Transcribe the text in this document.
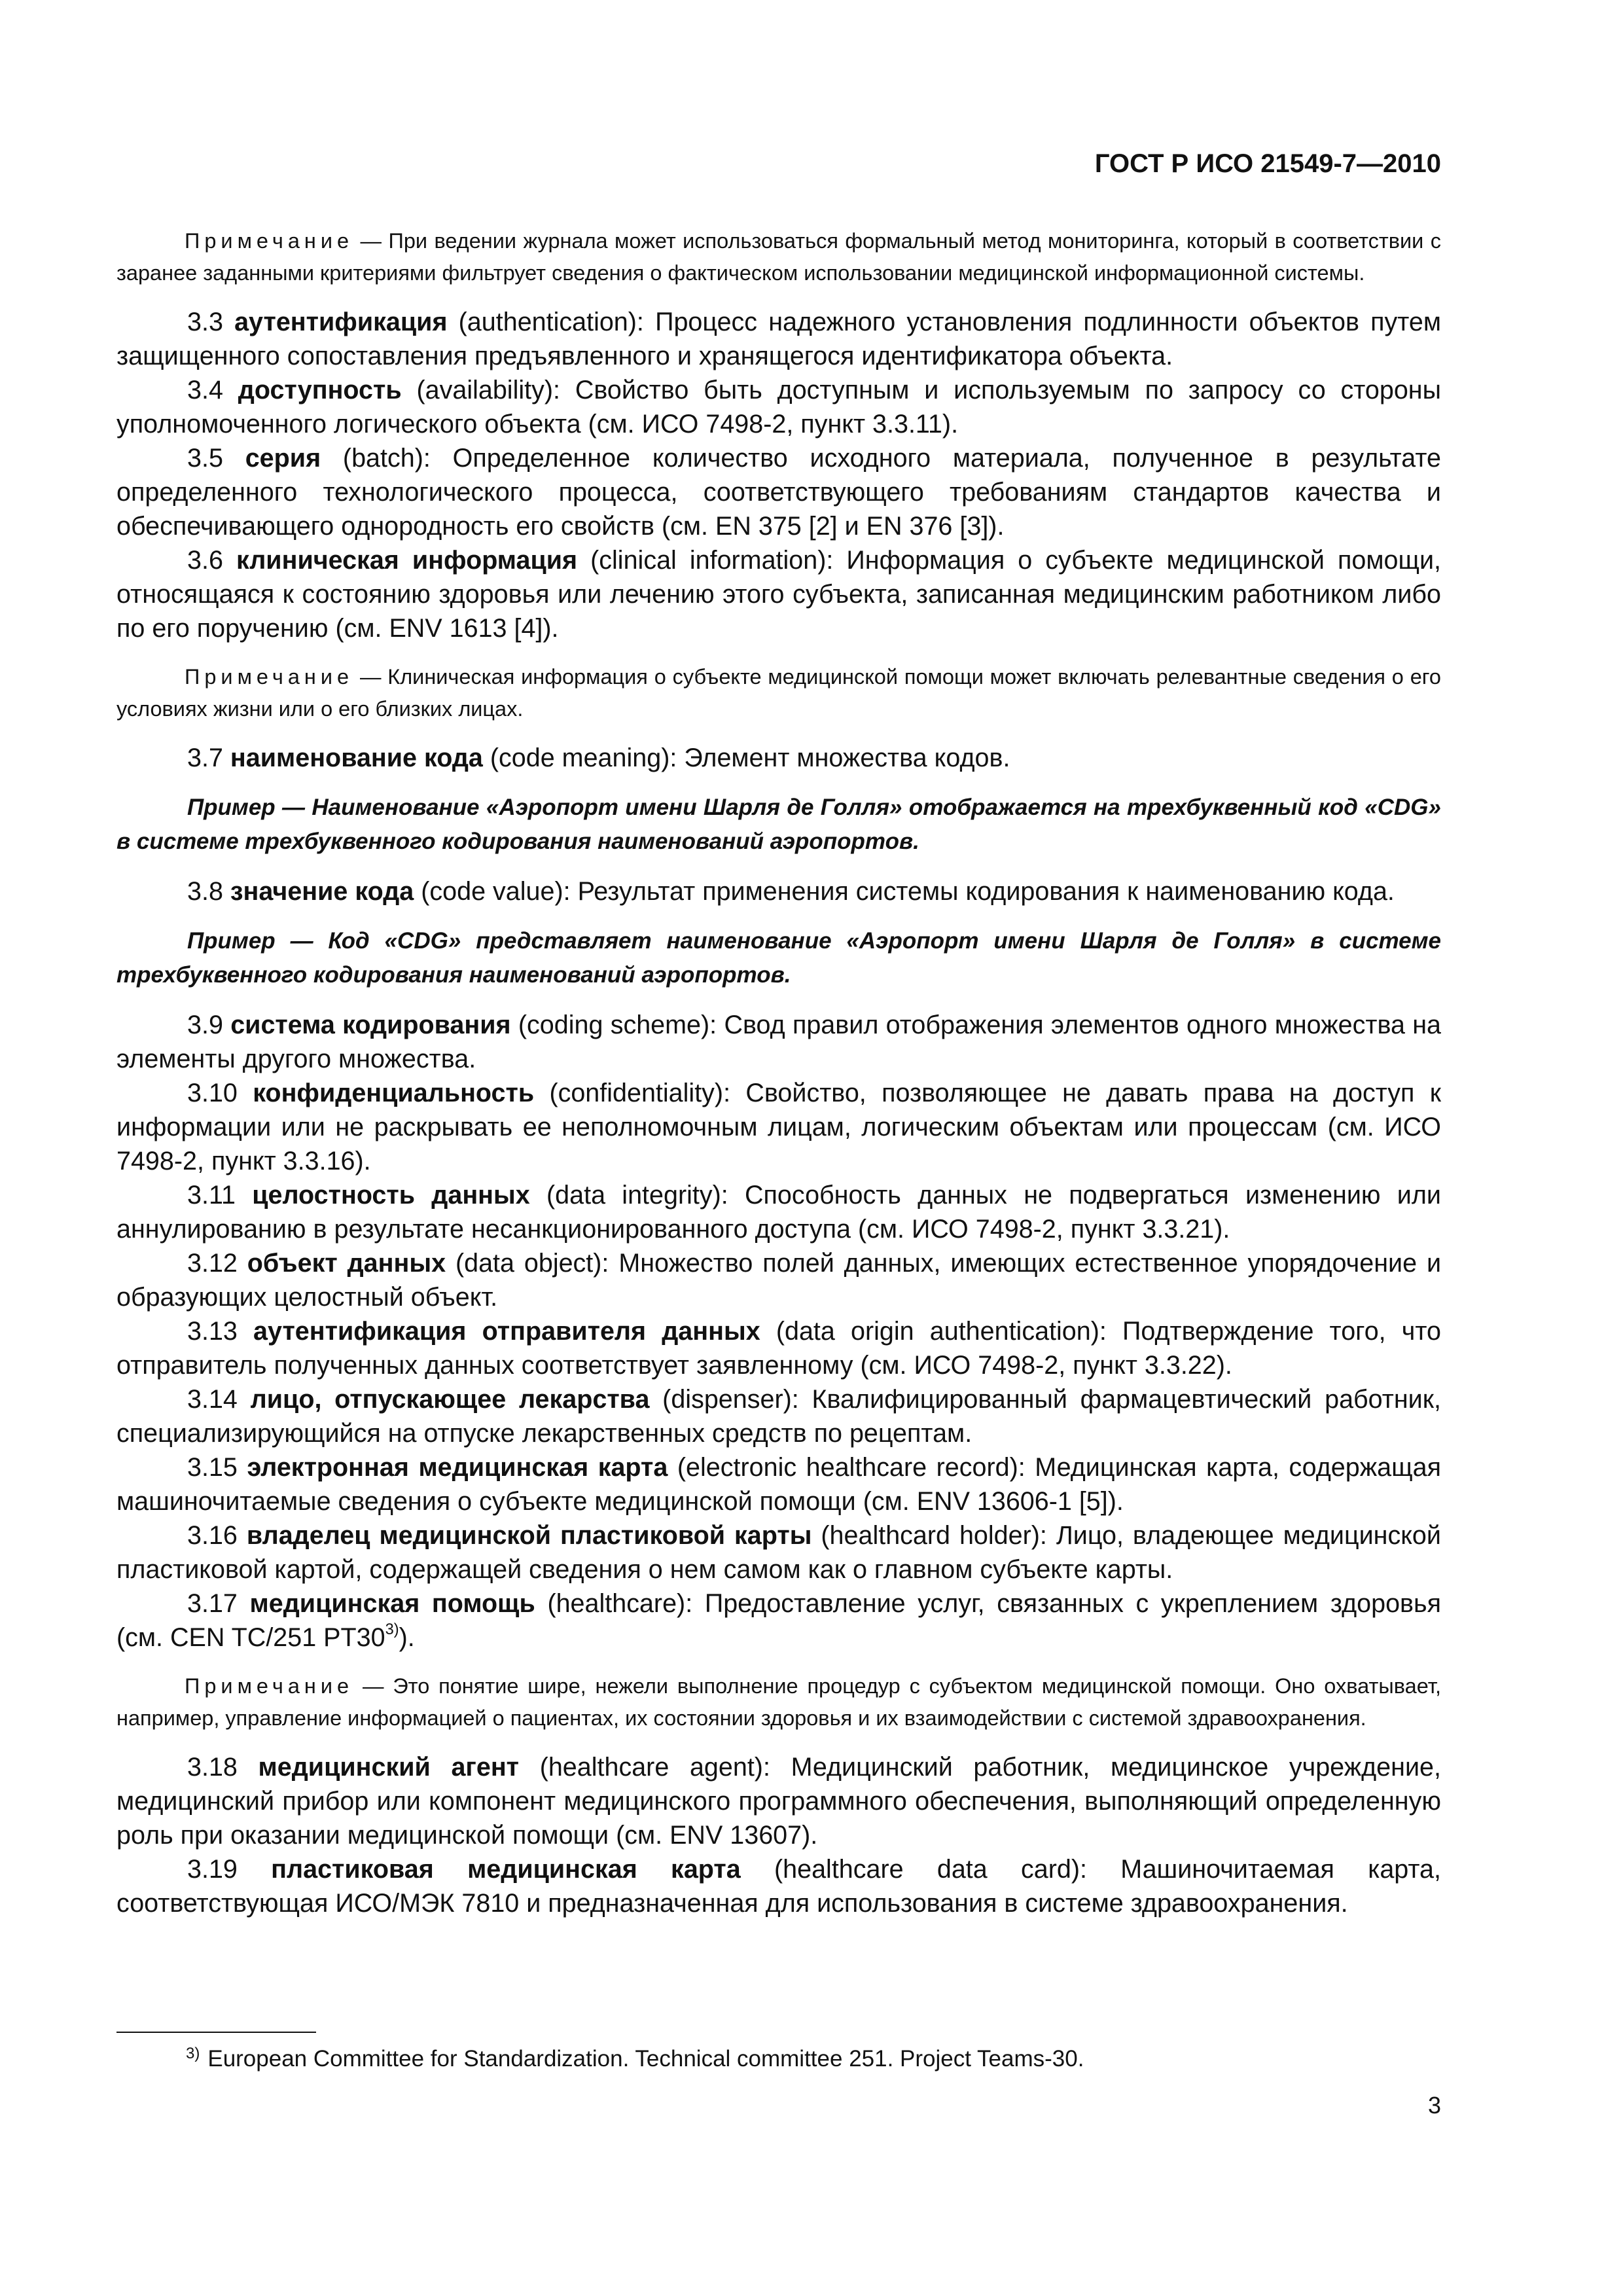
ГОСТ Р ИСО 21549-7—2010

Примечание — При ведении журнала может использоваться формальный метод мониторинга, который в соответствии с заранее заданными критериями фильтрует сведения о фактическом использовании медицинской информационной системы.

3.3 аутентификация (authentication): Процесс надежного установления подлинности объектов путем защищенного сопоставления предъявленного и хранящегося идентификатора объекта.

3.4 доступность (availability): Свойство быть доступным и используемым по запросу со стороны уполномоченного логического объекта (см. ИСО 7498-2, пункт 3.3.11).

3.5 серия (batch): Определенное количество исходного материала, полученное в результате определенного технологического процесса, соответствующего требованиям стандартов качества и обеспечивающего однородность его свойств (см. EN 375 [2] и EN 376 [3]).

3.6 клиническая информация (clinical information): Информация о субъекте медицинской помощи, относящаяся к состоянию здоровья или лечению этого субъекта, записанная медицинским работником либо по его поручению (см. ENV 1613 [4]).

Примечание — Клиническая информация о субъекте медицинской помощи может включать релевантные сведения о его условиях жизни или о его близких лицах.

3.7 наименование кода (code meaning): Элемент множества кодов.

Пример — Наименование «Аэропорт имени Шарля де Голля» отображается на трехбуквенный код «CDG» в системе трехбуквенного кодирования наименований аэропортов.

3.8 значение кода (code value): Результат применения системы кодирования к наименованию кода.

Пример — Код «CDG» представляет наименование «Аэропорт имени Шарля де Голля» в системе трехбуквенного кодирования наименований аэропортов.

3.9 система кодирования (coding scheme): Свод правил отображения элементов одного множества на элементы другого множества.

3.10 конфиденциальность (confidentiality): Свойство, позволяющее не давать права на доступ к информации или не раскрывать ее неполномочным лицам, логическим объектам или процессам (см. ИСО 7498-2, пункт 3.3.16).

3.11 целостность данных (data integrity): Способность данных не подвергаться изменению или аннулированию в результате несанкционированного доступа (см. ИСО 7498-2, пункт 3.3.21).

3.12 объект данных (data object): Множество полей данных, имеющих естественное упорядочение и образующих целостный объект.

3.13 аутентификация отправителя данных (data origin authentication): Подтверждение того, что отправитель полученных данных соответствует заявленному (см. ИСО 7498-2, пункт 3.3.22).

3.14 лицо, отпускающее лекарства (dispenser): Квалифицированный фармацевтический работник, специализирующийся на отпуске лекарственных средств по рецептам.

3.15 электронная медицинская карта (electronic healthcare record): Медицинская карта, содержащая машиночитаемые сведения о субъекте медицинской помощи (см. ENV 13606-1 [5]).

3.16 владелец медицинской пластиковой карты (healthcard holder): Лицо, владеющее медицинской пластиковой картой, содержащей сведения о нем самом как о главном субъекте карты.

3.17 медицинская помощь (healthcare): Предоставление услуг, связанных с укреплением здоровья (см. CEN TC/251 PT30$^{3)}$).

Примечание — Это понятие шире, нежели выполнение процедур с субъектом медицинской помощи. Оно охватывает, например, управление информацией о пациентах, их состоянии здоровья и их взаимодействии с системой здравоохранения.

3.18 медицинский агент (healthcare agent): Медицинский работник, медицинское учреждение, медицинский прибор или компонент медицинского программного обеспечения, выполняющий определенную роль при оказании медицинской помощи (см. ENV 13607).

3.19 пластиковая медицинская карта (healthcare data card): Машиночитаемая карта, соответствующая ИСО/МЭК 7810 и предназначенная для использования в системе здравоохранения.

$^{3)}$ European Committee for Standardization. Technical committee 251. Project Teams-30.
3
